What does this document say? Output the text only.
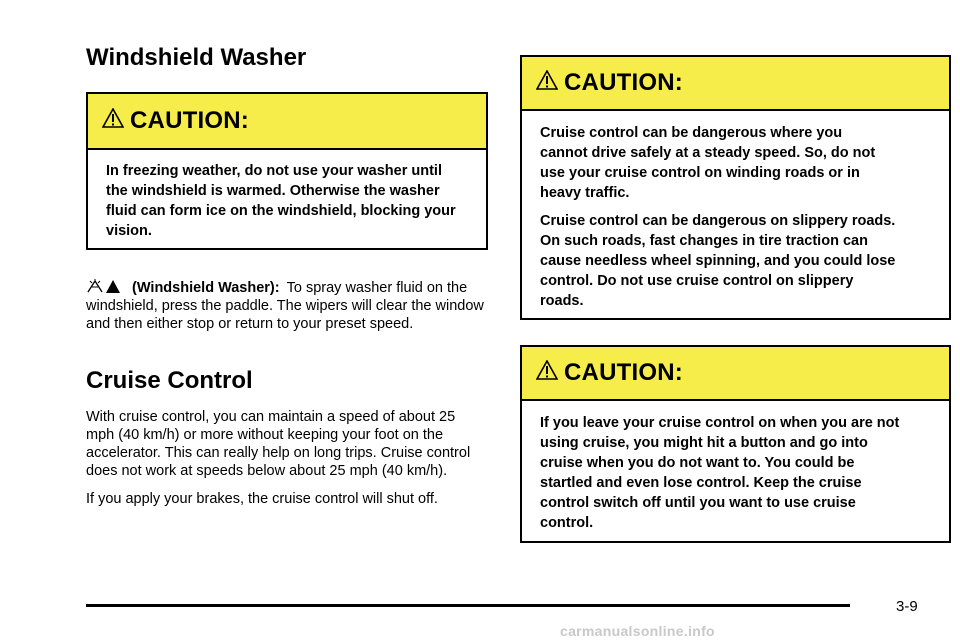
Windshield Washer
CAUTION:

In freezing weather, do not use your washer until the windshield is warmed. Otherwise the washer fluid can form ice on the windshield, blocking your vision.

(Windshield Washer): To spray washer fluid on the windshield, press the paddle. The wipers will clear the window and then either stop or return to your preset speed.

Cruise Control

With cruise control, you can maintain a speed of about 25 mph (40 km/h) or more without keeping your foot on the accelerator. This can really help on long trips. Cruise control does not work at speeds below about 25 mph (40 km/h).

If you apply your brakes, the cruise control will shut off.

CAUTION:

Cruise control can be dangerous where you cannot drive safely at a steady speed. So, do not use your cruise control on winding roads or in heavy traffic.

Cruise control can be dangerous on slippery roads. On such roads, fast changes in tire traction can cause needless wheel spinning, and you could lose control. Do not use cruise control on slippery roads.

CAUTION:

If you leave your cruise control on when you are not using cruise, you might hit a button and go into cruise when you do not want to. You could be startled and even lose control. Keep the cruise control switch off until you want to use cruise control.

3-9
carmanualsonline.info
